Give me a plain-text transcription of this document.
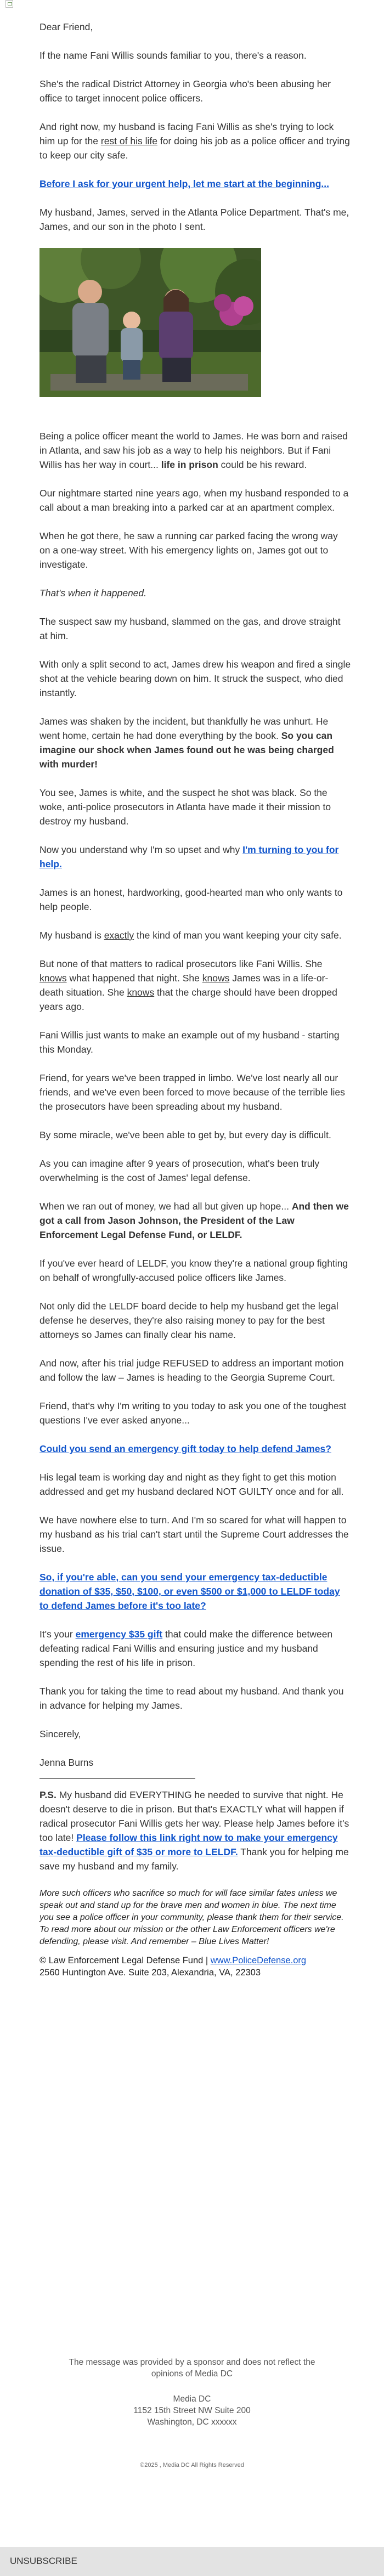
Dear Friend,

If the name Fani Willis sounds familiar to you, there's a reason.

She's the radical District Attorney in Georgia who's been abusing her office to target innocent police officers.

And right now, my husband is facing Fani Willis as she's trying to lock him up for the rest of his life for doing his job as a police officer and trying to keep our city safe.

Before I ask for your urgent help, let me start at the beginning...

My husband, James, served in the Atlanta Police Department. That's me, James, and our son in the photo I sent.

Being a police officer meant the world to James. He was born and raised in Atlanta, and saw his job as a way to help his neighbors. But if Fani Willis has her way in court... life in prison could be his reward.

Our nightmare started nine years ago, when my husband responded to a call about a man breaking into a parked car at an apartment complex.

When he got there, he saw a running car parked facing the wrong way on a one-way street. With his emergency lights on, James got out to investigate.

That's when it happened.

The suspect saw my husband, slammed on the gas, and drove straight at him.

With only a split second to act, James drew his weapon and fired a single shot at the vehicle bearing down on him. It struck the suspect, who died instantly.

James was shaken by the incident, but thankfully he was unhurt. He went home, certain he had done everything by the book. So you can imagine our shock when James found out he was being charged with murder!

You see, James is white, and the suspect he shot was black. So the woke, anti-police prosecutors in Atlanta have made it their mission to destroy my husband.

Now you understand why I'm so upset and why I'm turning to you for help.

James is an honest, hardworking, good-hearted man who only wants to help people.

My husband is exactly the kind of man you want keeping your city safe.

But none of that matters to radical prosecutors like Fani Willis. She knows what happened that night. She knows James was in a life-or-death situation. She knows that the charge should have been dropped years ago.

Fani Willis just wants to make an example out of my husband - starting this Monday.

Friend, for years we've been trapped in limbo. We've lost nearly all our friends, and we've even been forced to move because of the terrible lies the prosecutors have been spreading about my husband.

By some miracle, we've been able to get by, but every day is difficult.

As you can imagine after 9 years of prosecution, what's been truly overwhelming is the cost of James' legal defense.

When we ran out of money, we had all but given up hope... And then we got a call from Jason Johnson, the President of the Law Enforcement Legal Defense Fund, or LELDF.

If you've ever heard of LELDF, you know they're a national group fighting on behalf of wrongfully-accused police officers like James.

Not only did the LELDF board decide to help my husband get the legal defense he deserves, they're also raising money to pay for the best attorneys so James can finally clear his name.

And now, after his trial judge REFUSED to address an important motion and follow the law – James is heading to the Georgia Supreme Court.

Friend, that's why I'm writing to you today to ask you one of the toughest questions I've ever asked anyone...

Could you send an emergency gift today to help defend James?

His legal team is working day and night as they fight to get this motion addressed and get my husband declared NOT GUILTY once and for all.

We have nowhere else to turn. And I'm so scared for what will happen to my husband as his trial can't start until the Supreme Court addresses the issue.

So, if you're able, can you send your emergency tax-deductible donation of $35, $50, $100, or even $500 or $1,000 to LELDF today to defend James before it's too late?

It's your emergency $35 gift that could make the difference between defeating radical Fani Willis and ensuring justice and my husband spending the rest of his life in prison.

Thank you for taking the time to read about my husband. And thank you in advance for helping my James.

Sincerely,

Jenna Burns

P.S. My husband did EVERYTHING he needed to survive that night. He doesn't deserve to die in prison. But that's EXACTLY what will happen if radical prosecutor Fani Willis gets her way. Please help James before it's too late! Please follow this link right now to make your emergency tax-deductible gift of $35 or more to LELDF. Thank you for helping me save my husband and my family.

More such officers who sacrifice so much for will face similar fates unless we speak out and stand up for the brave men and women in blue. The next time you see a police officer in your community, please thank them for their service. To read more about our mission or the other Law Enforcement officers we're defending, please visit. And remember – Blue Lives Matter!
© Law Enforcement Legal Defense Fund | www.PoliceDefense.org
2560 Huntington Ave. Suite 203, Alexandria, VA, 22303
The message was provided by a sponsor and does not reflect the opinions of Media DC
Media DC
1152 15th Street NW Suite 200
Washington, DC xxxxxx
©2025 , Media DC All Rights Reserved
UNSUBSCRIBE
